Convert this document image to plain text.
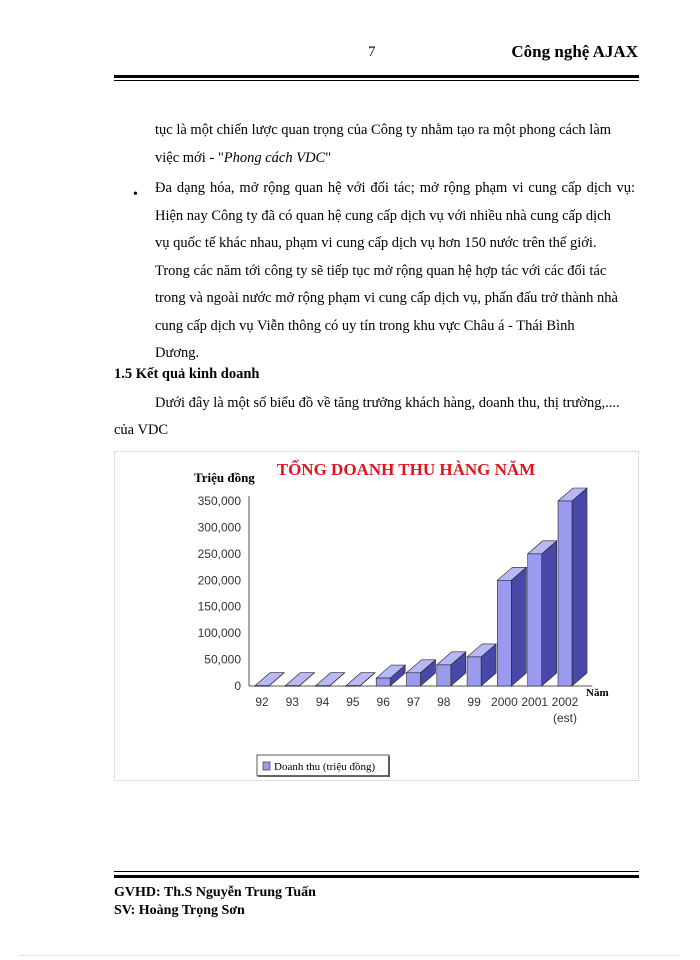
7	Công nghệ AJAX
tục là một chiến lược quan trọng của Công ty nhằm tạo ra một phong cách làm
việc mới - "Phong cách VDC"
• Đa dạng hóa, mở rộng quan hệ với đối tác; mở rộng phạm vi cung cấp dịch vụ:
Hiện nay Công ty đã có quan hệ cung cấp dịch vụ với nhiều nhà cung cấp dịch
vụ quốc tế khác nhau, phạm vi cung cấp dịch vụ hơn 150 nước trên thế giới.
Trong các năm tới công ty sẽ tiếp tục mở rộng quan hệ hợp tác với các đối tác
trong và ngoài nước mở rộng phạm vi cung cấp dịch vụ, phấn đấu trở thành nhà
cung cấp dịch vụ Viễn thông có uy tín trong khu vực Châu á - Thái Bình
Dương.
1.5 Kết quả kinh doanh
Dưới đây là một số biểu đồ về tăng trưởng khách hàng, doanh thu, thị trường,....
của VDC
TỔNG DOANH THU HÀNG NĂM
Triệu đồng
Năm
0
50,000
100,000
150,000
200,000
250,000
300,000
350,000
92 93 94 95 96 97 98 99 2000 2001 2002
(est)
Doanh thu (triệu đồng)
GVHD: Th.S Nguyễn Trung Tuấn
SV: Hoàng Trọng Sơn
